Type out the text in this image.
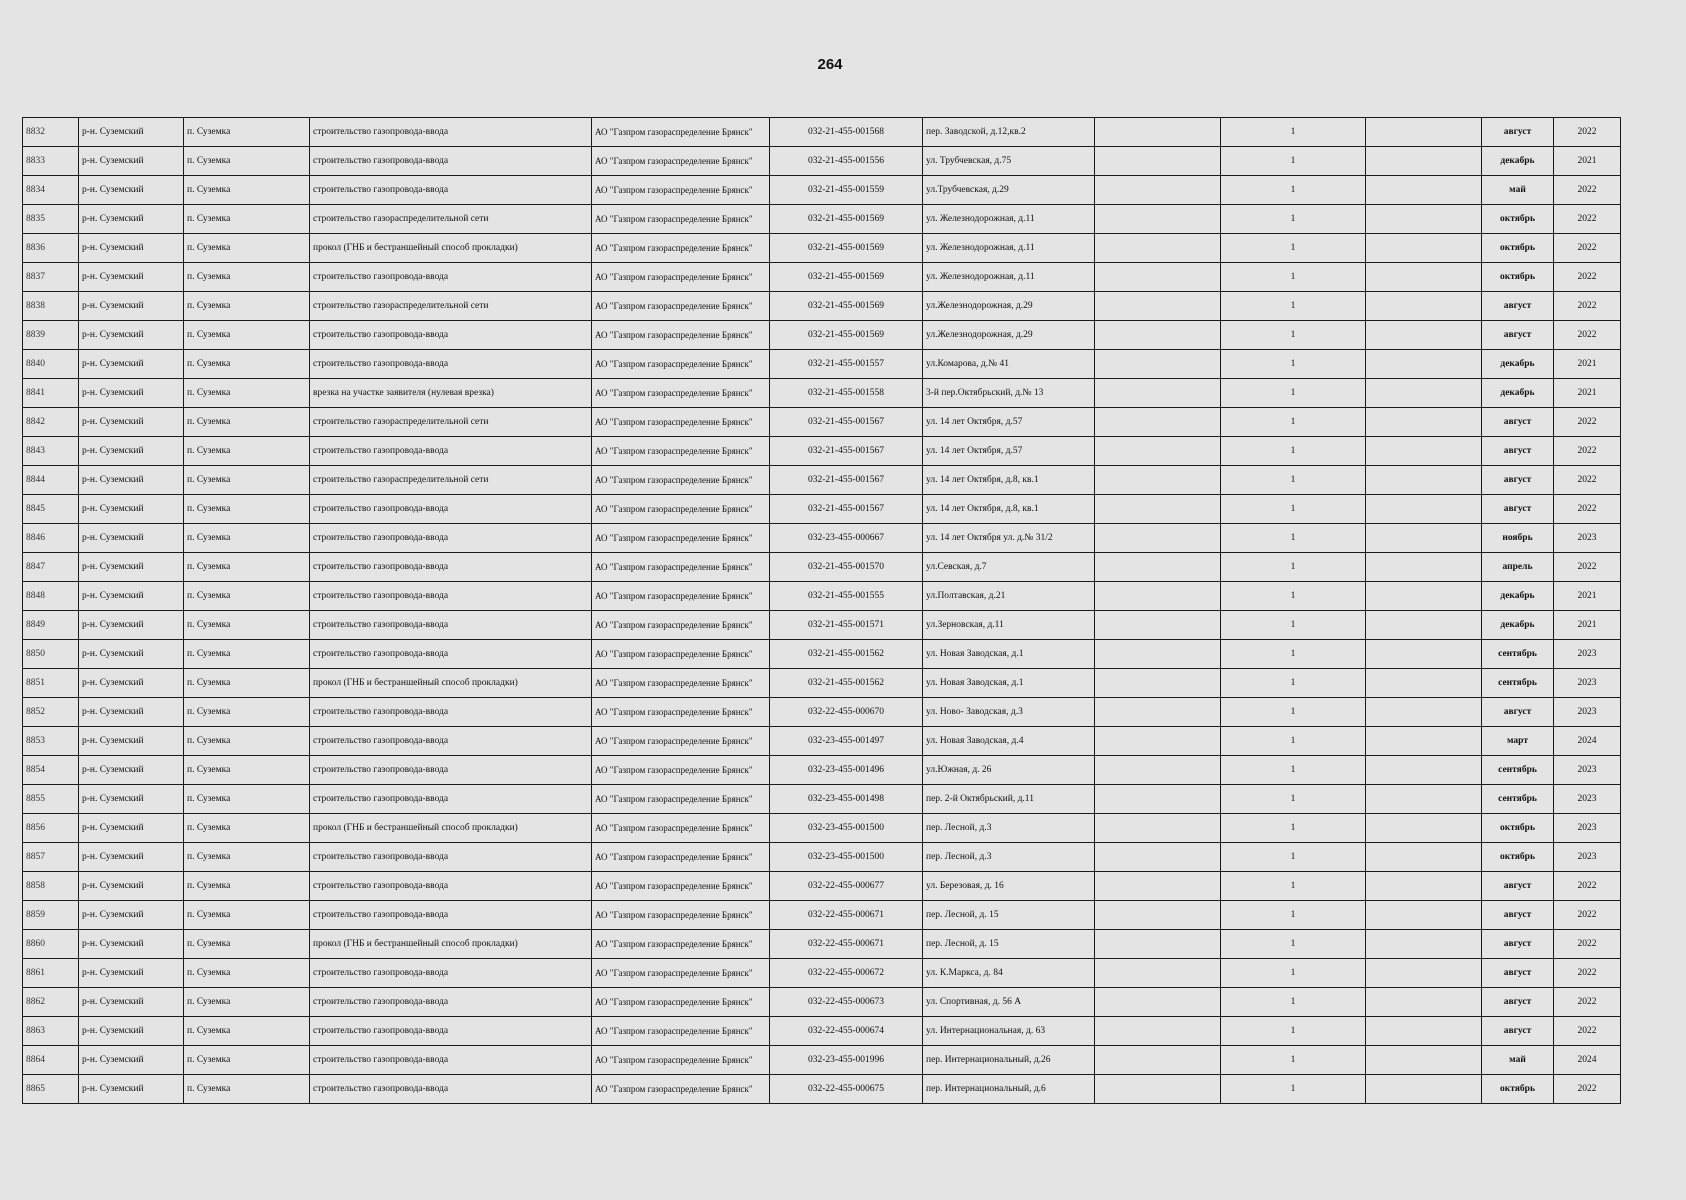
264
8832	р-н. Суземский	п. Суземка	строительство газопровода-ввода	АО "Газпром газораспределение Брянск"	032-21-455-001568	пер. Заводской, д.12,кв.2		1		август	2022
8833	р-н. Суземский	п. Суземка	строительство газопровода-ввода	АО "Газпром газораспределение Брянск"	032-21-455-001556	ул. Трубчевская, д.75		1		декабрь	2021
8834	р-н. Суземский	п. Суземка	строительство газопровода-ввода	АО "Газпром газораспределение Брянск"	032-21-455-001559	ул.Трубчевская, д.29		1		май	2022
8835	р-н. Суземский	п. Суземка	строительство газораспределительной сети	АО "Газпром газораспределение Брянск"	032-21-455-001569	ул. Железнодорожная, д.11		1		октябрь	2022
8836	р-н. Суземский	п. Суземка	прокол (ГНБ и бестраншейный способ прокладки)	АО "Газпром газораспределение Брянск"	032-21-455-001569	ул. Железнодорожная, д.11		1		октябрь	2022
8837	р-н. Суземский	п. Суземка	строительство газопровода-ввода	АО "Газпром газораспределение Брянск"	032-21-455-001569	ул. Железнодорожная, д.11		1		октябрь	2022
8838	р-н. Суземский	п. Суземка	строительство газораспределительной сети	АО "Газпром газораспределение Брянск"	032-21-455-001569	ул.Железнодорожная, д.29		1		август	2022
8839	р-н. Суземский	п. Суземка	строительство газопровода-ввода	АО "Газпром газораспределение Брянск"	032-21-455-001569	ул.Железнодорожная, д.29		1		август	2022
8840	р-н. Суземский	п. Суземка	строительство газопровода-ввода	АО "Газпром газораспределение Брянск"	032-21-455-001557	ул.Комарова, д.№ 41		1		декабрь	2021
8841	р-н. Суземский	п. Суземка	врезка на участке заявителя (нулевая врезка)	АО "Газпром газораспределение Брянск"	032-21-455-001558	3-й пер.Октябрьский, д.№ 13		1		декабрь	2021
8842	р-н. Суземский	п. Суземка	строительство газораспределительной сети	АО "Газпром газораспределение Брянск"	032-21-455-001567	ул. 14 лет Октября, д.57		1		август	2022
8843	р-н. Суземский	п. Суземка	строительство газопровода-ввода	АО "Газпром газораспределение Брянск"	032-21-455-001567	ул. 14 лет Октября, д.57		1		август	2022
8844	р-н. Суземский	п. Суземка	строительство газораспределительной сети	АО "Газпром газораспределение Брянск"	032-21-455-001567	ул. 14 лет Октября, д.8, кв.1		1		август	2022
8845	р-н. Суземский	п. Суземка	строительство газопровода-ввода	АО "Газпром газораспределение Брянск"	032-21-455-001567	ул. 14 лет Октября, д.8, кв.1		1		август	2022
8846	р-н. Суземский	п. Суземка	строительство газопровода-ввода	АО "Газпром газораспределение Брянск"	032-23-455-000667	ул. 14 лет Октября ул. д.№ 31/2		1		ноябрь	2023
8847	р-н. Суземский	п. Суземка	строительство газопровода-ввода	АО "Газпром газораспределение Брянск"	032-21-455-001570	ул.Севская, д.7		1		апрель	2022
8848	р-н. Суземский	п. Суземка	строительство газопровода-ввода	АО "Газпром газораспределение Брянск"	032-21-455-001555	ул.Полтавская, д.21		1		декабрь	2021
8849	р-н. Суземский	п. Суземка	строительство газопровода-ввода	АО "Газпром газораспределение Брянск"	032-21-455-001571	ул.Зерновская, д.11		1		декабрь	2021
8850	р-н. Суземский	п. Суземка	строительство газопровода-ввода	АО "Газпром газораспределение Брянск"	032-21-455-001562	ул. Новая Заводская, д.1		1		сентябрь	2023
8851	р-н. Суземский	п. Суземка	прокол (ГНБ и бестраншейный способ прокладки)	АО "Газпром газораспределение Брянск"	032-21-455-001562	ул. Новая Заводская, д.1		1		сентябрь	2023
8852	р-н. Суземский	п. Суземка	строительство газопровода-ввода	АО "Газпром газораспределение Брянск"	032-22-455-000670	ул. Ново- Заводская, д.3		1		август	2023
8853	р-н. Суземский	п. Суземка	строительство газопровода-ввода	АО "Газпром газораспределение Брянск"	032-23-455-001497	ул. Новая Заводская, д.4		1		март	2024
8854	р-н. Суземский	п. Суземка	строительство газопровода-ввода	АО "Газпром газораспределение Брянск"	032-23-455-001496	ул.Южная, д. 26		1		сентябрь	2023
8855	р-н. Суземский	п. Суземка	строительство газопровода-ввода	АО "Газпром газораспределение Брянск"	032-23-455-001498	пер. 2-й Октябрьский, д.11		1		сентябрь	2023
8856	р-н. Суземский	п. Суземка	прокол (ГНБ и бестраншейный способ прокладки)	АО "Газпром газораспределение Брянск"	032-23-455-001500	пер. Лесной, д.3		1		октябрь	2023
8857	р-н. Суземский	п. Суземка	строительство газопровода-ввода	АО "Газпром газораспределение Брянск"	032-23-455-001500	пер. Лесной, д.3		1		октябрь	2023
8858	р-н. Суземский	п. Суземка	строительство газопровода-ввода	АО "Газпром газораспределение Брянск"	032-22-455-000677	ул. Березовая, д. 16		1		август	2022
8859	р-н. Суземский	п. Суземка	строительство газопровода-ввода	АО "Газпром газораспределение Брянск"	032-22-455-000671	пер. Лесной, д. 15		1		август	2022
8860	р-н. Суземский	п. Суземка	прокол (ГНБ и бестраншейный способ прокладки)	АО "Газпром газораспределение Брянск"	032-22-455-000671	пер. Лесной, д. 15		1		август	2022
8861	р-н. Суземский	п. Суземка	строительство газопровода-ввода	АО "Газпром газораспределение Брянск"	032-22-455-000672	ул. К.Маркса, д. 84		1		август	2022
8862	р-н. Суземский	п. Суземка	строительство газопровода-ввода	АО "Газпром газораспределение Брянск"	032-22-455-000673	ул. Спортивная, д. 56 А		1		август	2022
8863	р-н. Суземский	п. Суземка	строительство газопровода-ввода	АО "Газпром газораспределение Брянск"	032-22-455-000674	ул. Интернациональная, д. 63		1		август	2022
8864	р-н. Суземский	п. Суземка	строительство газопровода-ввода	АО "Газпром газораспределение Брянск"	032-23-455-001996	пер. Интернациональный, д.26		1		май	2024
8865	р-н. Суземский	п. Суземка	строительство газопровода-ввода	АО "Газпром газораспределение Брянск"	032-22-455-000675	пер. Интернациональный, д.6		1		октябрь	2022
